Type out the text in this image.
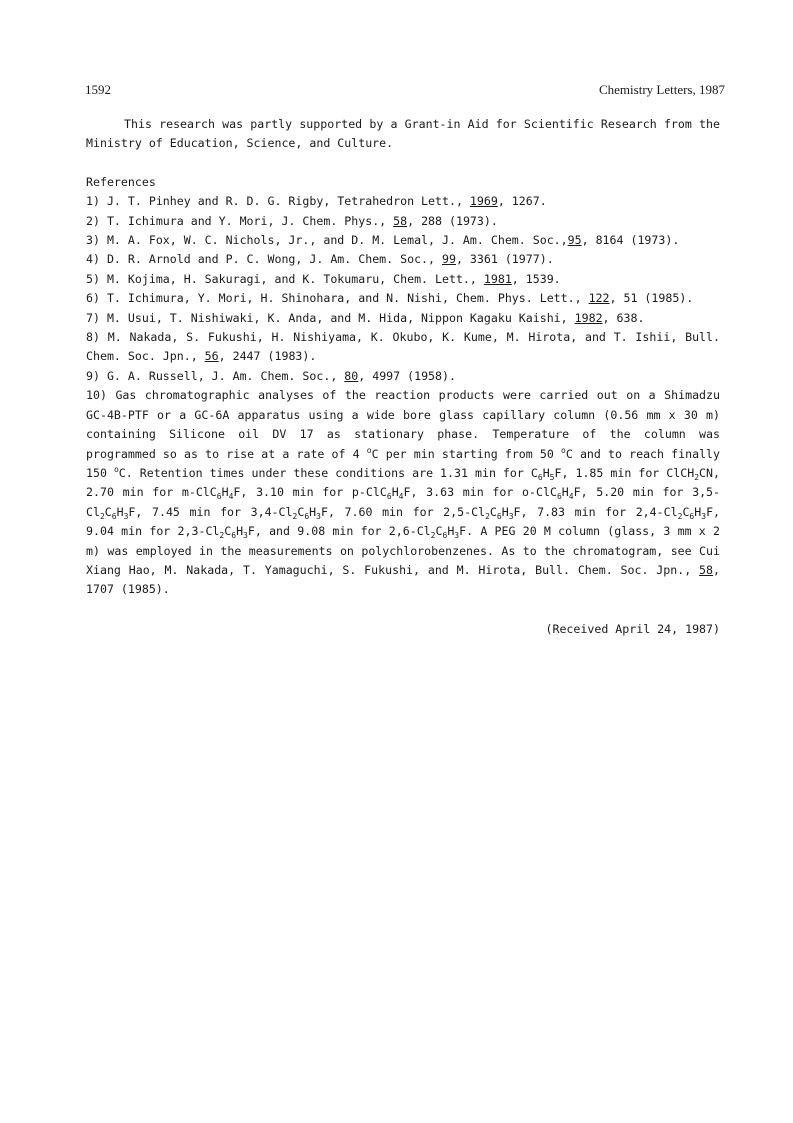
1592	Chemistry Letters, 1987

This research was partly supported by a Grant-in Aid for Scientific Research from the Ministry of Education, Science, and Culture.

References

1) J. T. Pinhey and R. D. G. Rigby, Tetrahedron Lett., 1969, 1267.

2) T. Ichimura and Y. Mori, J. Chem. Phys., 58, 288 (1973).

3) M. A. Fox, W. C. Nichols, Jr., and D. M. Lemal, J. Am. Chem. Soc.,95, 8164 (1973).

4) D. R. Arnold and P. C. Wong, J. Am. Chem. Soc., 99, 3361 (1977).

5) M. Kojima, H. Sakuragi, and K. Tokumaru, Chem. Lett., 1981, 1539.

6) T. Ichimura, Y. Mori, H. Shinohara, and N. Nishi, Chem. Phys. Lett., 122, 51 (1985).

7) M. Usui, T. Nishiwaki, K. Anda, and M. Hida, Nippon Kagaku Kaishi, 1982, 638.

8) M. Nakada, S. Fukushi, H. Nishiyama, K. Okubo, K. Kume, M. Hirota, and T. Ishii, Bull. Chem. Soc. Jpn., 56, 2447 (1983).

9) G. A. Russell, J. Am. Chem. Soc., 80, 4997 (1958).

10) Gas chromatographic analyses of the reaction products were carried out on a Shimadzu GC-4B-PTF or a GC-6A apparatus using a wide bore glass capillary column (0.56 mm x 30 m) containing Silicone oil DV 17 as stationary phase. Temperature of the column was programmed so as to rise at a rate of 4 $^o$C per min starting from 50 $^o$C and to reach finally 150 $^o$C. Retention times under these conditions are 1.31 min for $C_6H_5F$, 1.85 min for ClCH$_2$CN, 2.70 min for $m-ClC_6H_4F$, 3.10 min for $p-ClC_6H_4F$, 3.63 min for $o-ClC_6H_4F$, 5.20 min for $3,5-Cl_2C_6H_3F$, 7.45 min for $3,4-Cl_2C_6H_3F$, 7.60 min for $2,5-Cl_2C_6H_3F$, 7.83 min for $2,4-Cl_2C_6H_3F$, 9.04 min for $2,3-Cl_2C_6H_3F$, and 9.08 min for $2,6-Cl_2C_6H_3F$. A PEG 20 M column (glass, 3 mm x 2 m) was employed in the measurements on polychlorobenzenes. As to the chromatogram, see Cui Xiang Hao, M. Nakada, T. Yamaguchi, S. Fukushi, and M. Hirota, Bull. Chem. Soc. Jpn., 58, 1707 (1985).

(Received April 24, 1987)
